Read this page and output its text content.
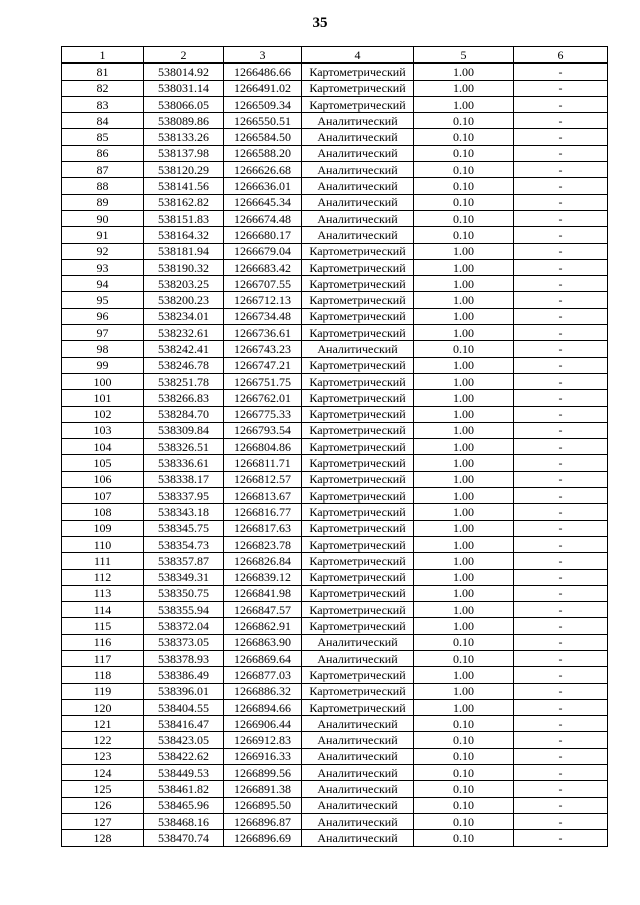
35
1	2	3	4	5	6
81	538014.92	1266486.66	Картометрический	1.00	-
82	538031.14	1266491.02	Картометрический	1.00	-
83	538066.05	1266509.34	Картометрический	1.00	-
84	538089.86	1266550.51	Аналитический	0.10	-
85	538133.26	1266584.50	Аналитический	0.10	-
86	538137.98	1266588.20	Аналитический	0.10	-
87	538120.29	1266626.68	Аналитический	0.10	-
88	538141.56	1266636.01	Аналитический	0.10	-
89	538162.82	1266645.34	Аналитический	0.10	-
90	538151.83	1266674.48	Аналитический	0.10	-
91	538164.32	1266680.17	Аналитический	0.10	-
92	538181.94	1266679.04	Картометрический	1.00	-
93	538190.32	1266683.42	Картометрический	1.00	-
94	538203.25	1266707.55	Картометрический	1.00	-
95	538200.23	1266712.13	Картометрический	1.00	-
96	538234.01	1266734.48	Картометрический	1.00	-
97	538232.61	1266736.61	Картометрический	1.00	-
98	538242.41	1266743.23	Аналитический	0.10	-
99	538246.78	1266747.21	Картометрический	1.00	-
100	538251.78	1266751.75	Картометрический	1.00	-
101	538266.83	1266762.01	Картометрический	1.00	-
102	538284.70	1266775.33	Картометрический	1.00	-
103	538309.84	1266793.54	Картометрический	1.00	-
104	538326.51	1266804.86	Картометрический	1.00	-
105	538336.61	1266811.71	Картометрический	1.00	-
106	538338.17	1266812.57	Картометрический	1.00	-
107	538337.95	1266813.67	Картометрический	1.00	-
108	538343.18	1266816.77	Картометрический	1.00	-
109	538345.75	1266817.63	Картометрический	1.00	-
110	538354.73	1266823.78	Картометрический	1.00	-
111	538357.87	1266826.84	Картометрический	1.00	-
112	538349.31	1266839.12	Картометрический	1.00	-
113	538350.75	1266841.98	Картометрический	1.00	-
114	538355.94	1266847.57	Картометрический	1.00	-
115	538372.04	1266862.91	Картометрический	1.00	-
116	538373.05	1266863.90	Аналитический	0.10	-
117	538378.93	1266869.64	Аналитический	0.10	-
118	538386.49	1266877.03	Картометрический	1.00	-
119	538396.01	1266886.32	Картометрический	1.00	-
120	538404.55	1266894.66	Картометрический	1.00	-
121	538416.47	1266906.44	Аналитический	0.10	-
122	538423.05	1266912.83	Аналитический	0.10	-
123	538422.62	1266916.33	Аналитический	0.10	-
124	538449.53	1266899.56	Аналитический	0.10	-
125	538461.82	1266891.38	Аналитический	0.10	-
126	538465.96	1266895.50	Аналитический	0.10	-
127	538468.16	1266896.87	Аналитический	0.10	-
128	538470.74	1266896.69	Аналитический	0.10	-
